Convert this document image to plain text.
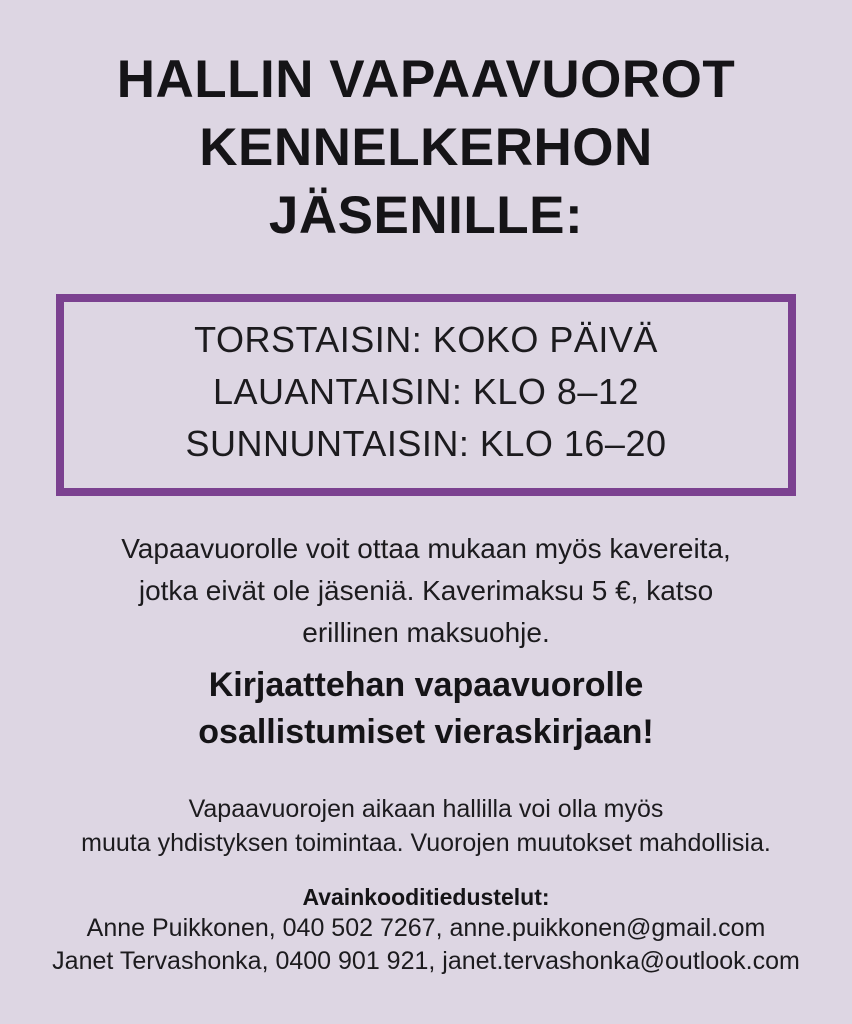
HALLIN VAPAAVUOROT
KENNELKERHON
JÄSENILLE:
TORSTAISIN: KOKO PÄIVÄ
LAUANTAISIN: KLO 8–12
SUNNUNTAISIN: KLO 16–20

Vapaavuorolle voit ottaa mukaan myös kavereita,
jotka eivät ole jäseniä. Kaverimaksu 5 €, katso
erillinen maksuohje.

Kirjaattehan vapaavuorolle
osallistumiset vieraskirjaan!

Vapaavuorojen aikaan hallilla voi olla myös
muuta yhdistyksen toimintaa. Vuorojen muutokset mahdollisia.

Avainkooditiedustelut:
Anne Puikkonen, 040 502 7267, anne.puikkonen@gmail.com
Janet Tervashonka, 0400 901 921, janet.tervashonka@outlook.com
